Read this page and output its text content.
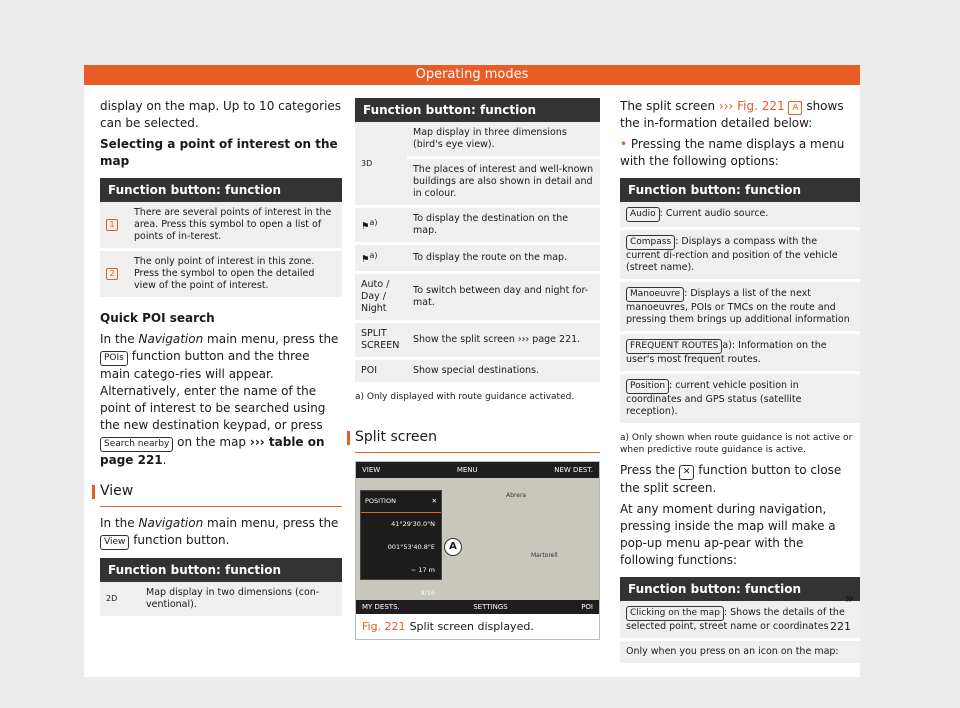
Operating modes

display on the map. Up to 10 categories can be selected.

Selecting a point of interest on the map

Function button: function	
1	There are several points of interest in the area. Press this symbol to open a list of points of in-terest.
2	The only point of interest in this zone. Press the symbol to open the detailed view of the point of interest.

Quick POI search

In the Navigation main menu, press the POIs function button and the three main catego-ries will appear. Alternatively, enter the name of the point of interest to be searched using the new destination keypad, or press Search nearby on the map ››› table on page 221.

View

In the Navigation main menu, press the View function button.

Function button: function
2D	Map display in two dimensions (con-ventional).
Function button: function	
3D	Map display in three dimensions (bird's eye view).
	The places of interest and well-known buildings are also shown in detail and in colour.
⚑$^{a)}$	To display the destination on the map.
⚑$^{a)}$	To display the route on the map.
Auto / Day / Night	To switch between day and night for-mat.
SPLIT SCREEN	Show the split screen ››› page 221.
POI	Show special destinations.

a) Only displayed with route guidance activated.

Split screen
VIEW	MENU	NEW DEST.
Abrera
Martorell
POSITION	✕
41°29'30.0"N
001°53'40.8"E
~ 17 m
9/16
A
MY DESTS.	SETTINGS	POI
Fig. 221 Split screen displayed.

The split screen ››› Fig. 221 A shows the in-formation detailed below:

• Pressing the name displays a menu with the following options:

Function button: function
Audio : Current audio source.
Compass : Displays a compass with the current di-rection and position of the vehicle (street name).
Manoeuvre : Displays a list of the next manoeuvres, POIs or TMCs on the route and pressing them brings up additional information
FREQUENT ROUTES a): Information on the user's most frequent routes.
Position : current vehicle position in coordinates and GPS status (satellite reception).

a) Only shown when route guidance is not active or when predictive route guidance is active.

Press the ✕ function button to close the split screen.

At any moment during navigation, pressing inside the map will make a pop-up menu ap-pear with the following functions:

Function button: function
Clicking on the map : Shows the details of the selected point, street name or coordinates
Only when you press on an icon on the map:
»
221
